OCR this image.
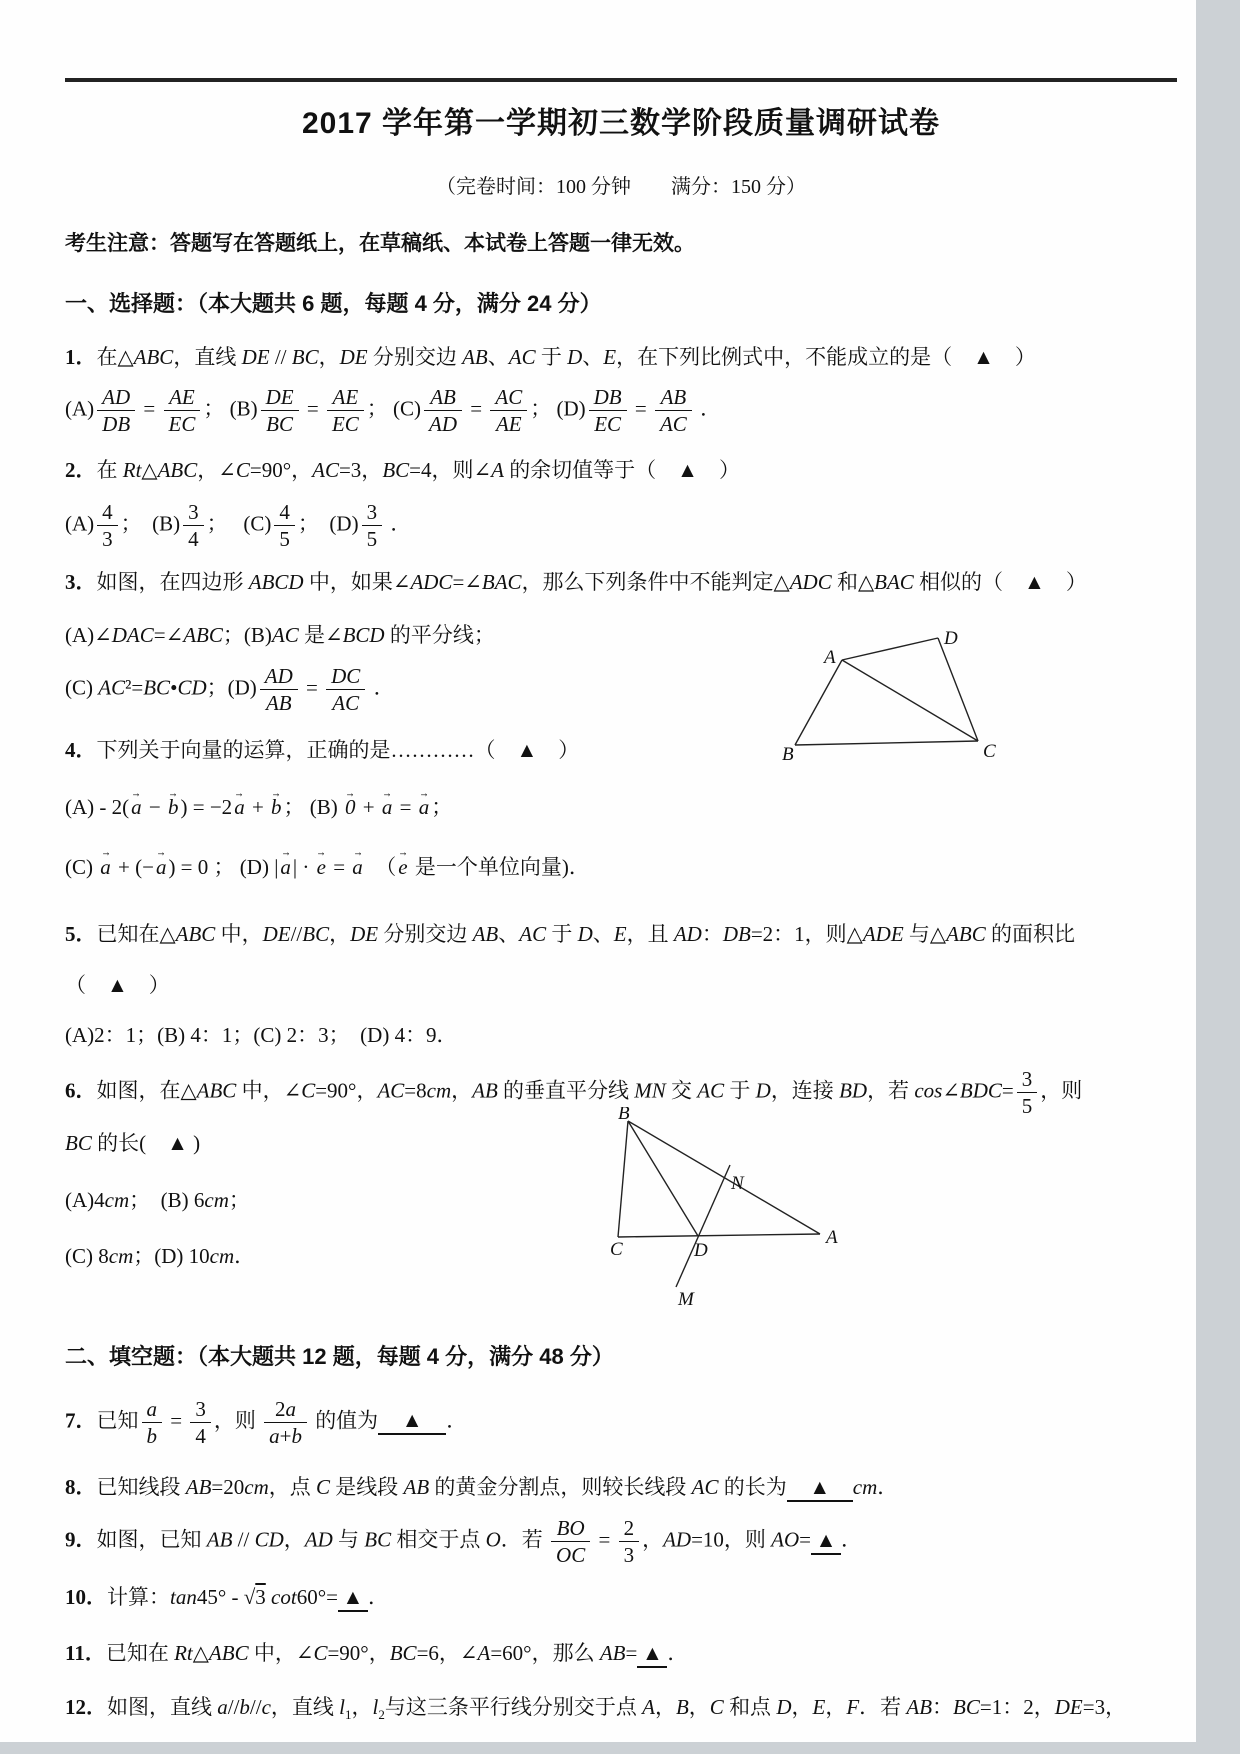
2017 学年第一学期初三数学阶段质量调研试卷
（完卷时间：100 分钟　　满分：150 分）
考生注意：答题写在答题纸上，在草稿纸、本试卷上答题一律无效。
一、选择题：（本大题共 6 题，每题 4 分，满分 24 分）

1．在△ABC，直线 DE // BC，DE 分别交边 AB、AC 于 D、E，在下列比例式中，不能成立的是（　▲　）

$(A) \frac{AD}{DB} = \frac{AE}{EC}$ ； $(B) \frac{DE}{BC} = \frac{AE}{EC}$ ； $(C) \frac{AB}{AD} = \frac{AC}{AE}$ ； $(D) \frac{DB}{EC} = \frac{AB}{AC}$ ．

2．在 Rt△ABC，∠C=90°，AC=3，BC=4，则∠A 的余切值等于（　▲　）

$(A) \frac{4}{3}$ ；　$(B) \frac{3}{4}$ ；　 $(C) \frac{4}{5}$ ；　$(D) \frac{3}{5}$ ．

3．如图，在四边形 ABCD 中，如果∠ADC=∠BAC，那么下列条件中不能判定△ADC 和△BAC 相似的（　▲　）

(A)∠DAC=∠ABC；(B)AC 是∠BCD 的平分线；

(C) AC²=BC•CD；$(D) \frac{AD}{AB} = \frac{DC}{AC}$ ．

4．下列关于向量的运算，正确的是…………（　▲　）

(A) - 2(→ a − → b) = −2→ a + → b； (B) → 0 + → a = → a；

(C) → a + (−→ a) = 0 ； (D) |→ a| · → e = → a　（→ e 是一个单位向量)．

A
D
B	C

5．已知在△ABC 中，DE//BC，DE 分别交边 AB、AC 于 D、E，且 AD：DB=2：1，则△ADE 与△ABC 的面积比

（　▲　）

(A)2：1；(B) 4：1；(C) 2：3；　(D) 4：9．

6．如图，在△ABC 中，∠C=90°，AC=8cm，AB 的垂直平分线 MN 交 AC 于 D，连接 BD，若 cos∠BDC= $\frac{3}{5}$ ，则

BC 的长(　▲ )

(A)4cm；　(B) 6cm；

(C) 8cm；(D) 10cm．

B
C
A
D
N
M
二、填空题：（本大题共 12 题，每题 4 分，满分 48 分）

7．已知 $\frac{a}{b} = \frac{3}{4}$ ，则 $\frac{2a}{a+b}$ 的值为 ▲ ．

8．已知线段 AB=20cm，点 C 是线段 AB 的黄金分割点，则较长线段 AC 的长为 ▲ cm．

9．如图，已知 AB // CD，AD 与 BC 相交于点 O．若 $\frac{BO}{OC} = \frac{2}{3}$ ，AD=10，则 AO= ▲ ．

10．计算：tan45° - √3 cot60°= ▲ ．

11．已知在 Rt△ABC 中，∠C=90°，BC=6，∠A=60°，那么 AB= ▲ ．

12．如图，直线 a//b//c，直线 $l_1$，$l_2$与这三条平行线分别交于点 A，B，C 和点 D，E，F．若 AB：BC=1：2，DE=3，
